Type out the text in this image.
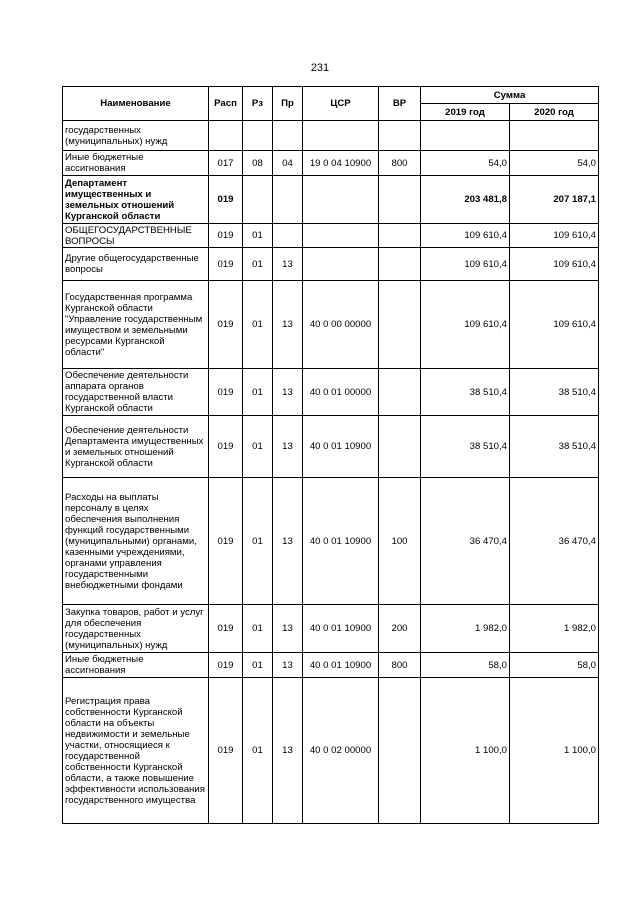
231
Наименование	Расп	Рз	Пр	ЦСР	ВР	Сумма	
						2019 год	2020 год
государственных (муниципальных) нужд							
Иные бюджетные ассигнования	017	08	04	19 0 04 10900	800	54,0	54,0
Департамент имущественных и земельных отношений Курганской области	019					203 481,8	207 187,1
ОБЩЕГОСУДАРСТВЕННЫЕ ВОПРОСЫ	019	01				109 610,4	109 610,4
Другие общегосударственные вопросы	019	01	13			109 610,4	109 610,4
Государственная программа Курганской области "Управление государственным имуществом и земельными ресурсами Курганской области"	019	01	13	40 0 00 00000		109 610,4	109 610,4
Обеспечение деятельности аппарата органов государственной власти Курганской области	019	01	13	40 0 01 00000		38 510,4	38 510,4
Обеспечение деятельности Департамента имущественных и земельных отношений Курганской области	019	01	13	40 0 01 10900		38 510,4	38 510,4
Расходы на выплаты персоналу в целях обеспечения выполнения функций государственными (муниципальными) органами, казенными учреждениями, органами управления государственными внебюджетными фондами	019	01	13	40 0 01 10900	100	36 470,4	36 470,4
Закупка товаров, работ и услуг для обеспечения государственных (муниципальных) нужд	019	01	13	40 0 01 10900	200	1 982,0	1 982,0
Иные бюджетные ассигнования	019	01	13	40 0 01 10900	800	58,0	58,0
Регистрация права собственности Курганской области на объекты недвижимости и земельные участки, относящиеся к государственной собственности Курганской области, а также повышение эффективности использования государственного имущества	019	01	13	40 0 02 00000		1 100,0	1 100,0
